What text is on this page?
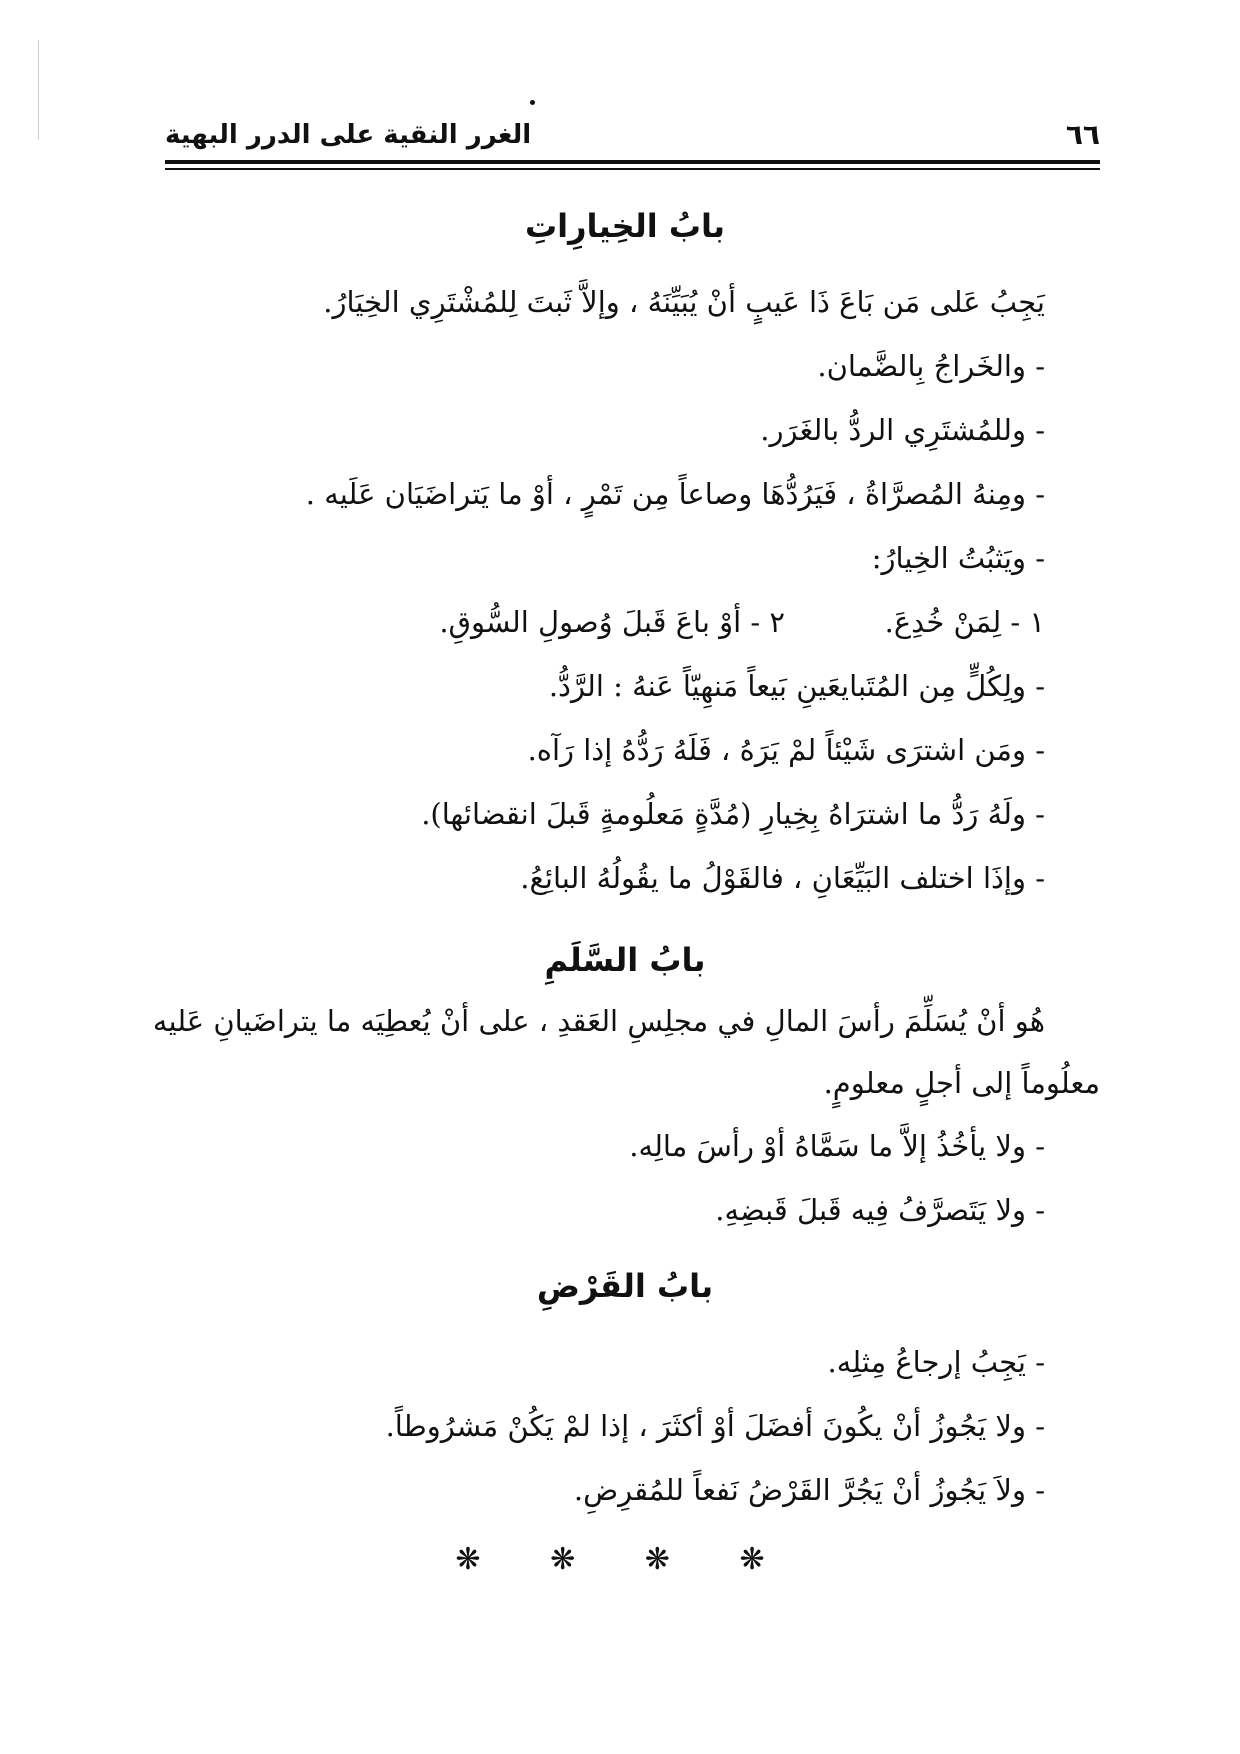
٦٦
الغرر النقية على الدرر البهية
بابُ الخِيارِاتِ

يَجِبُ عَلى مَن بَاعَ ذَا عَيبٍ أنْ يُبَيِّنَهُ ، وإلاَّ ثَبتَ لِلمُشْتَرِي الخِيَارُ.

- والخَراجُ بِالضَّمان.

- وللمُشتَرِي الردُّ بالغَرَر.

- ومِنهُ المُصرَّاةُ ، فَيَرُدُّهَا وصاعاً مِن تَمْرٍ ، أوْ ما يَتراضَيَان عَلَيه .

- ويَثبُتُ الخِيارُ:

١ - لِمَنْ خُدِعَ.
٢ - أوْ باعَ قَبلَ وُصولِ السُّوقِ.

- ولِكُلٍّ مِن المُتَبايعَينِ بَيعاً مَنهِيّاً عَنهُ : الرَّدُّ.

- ومَن اشترَى شَيْئاً لمْ يَرَهُ ، فَلَهُ رَدُّهُ إذا رَآه.

- ولَهُ رَدُّ ما اشترَاهُ بِخِيارِ (مُدَّةٍ مَعلُومةٍ قَبلَ انقضائها).

- وإذَا اختلف البَيِّعَانِ ، فالقَوْلُ ما يقُولُهُ البائِعُ.

بابُ السَّلَمِ

هُو أنْ يُسَلِّمَ رأسَ المالِ في مجلِسِ العَقدِ ، على أنْ يُعطِيَه ما يتراضَيانِ عَليه معلُوماً إلى أجلٍ معلومٍ.

- ولا يأخُذُ إلاَّ ما سَمَّاهُ أوْ رأسَ مالِه.

- ولا يَتَصرَّفُ فِيه قَبلَ قَبضِهِ.

بابُ القَرْضِ

- يَجِبُ إرجاعُ مِثلِه.

- ولا يَجُوزُ أنْ يكُونَ أفضَلَ أوْ أكثَرَ ، إذا لمْ يَكُنْ مَشرُوطاً.

- ولاَ يَجُوزُ أنْ يَجُرَّ القَرْضُ نَفعاً للمُقرِضِ.

❋ ❋ ❋ ❋
